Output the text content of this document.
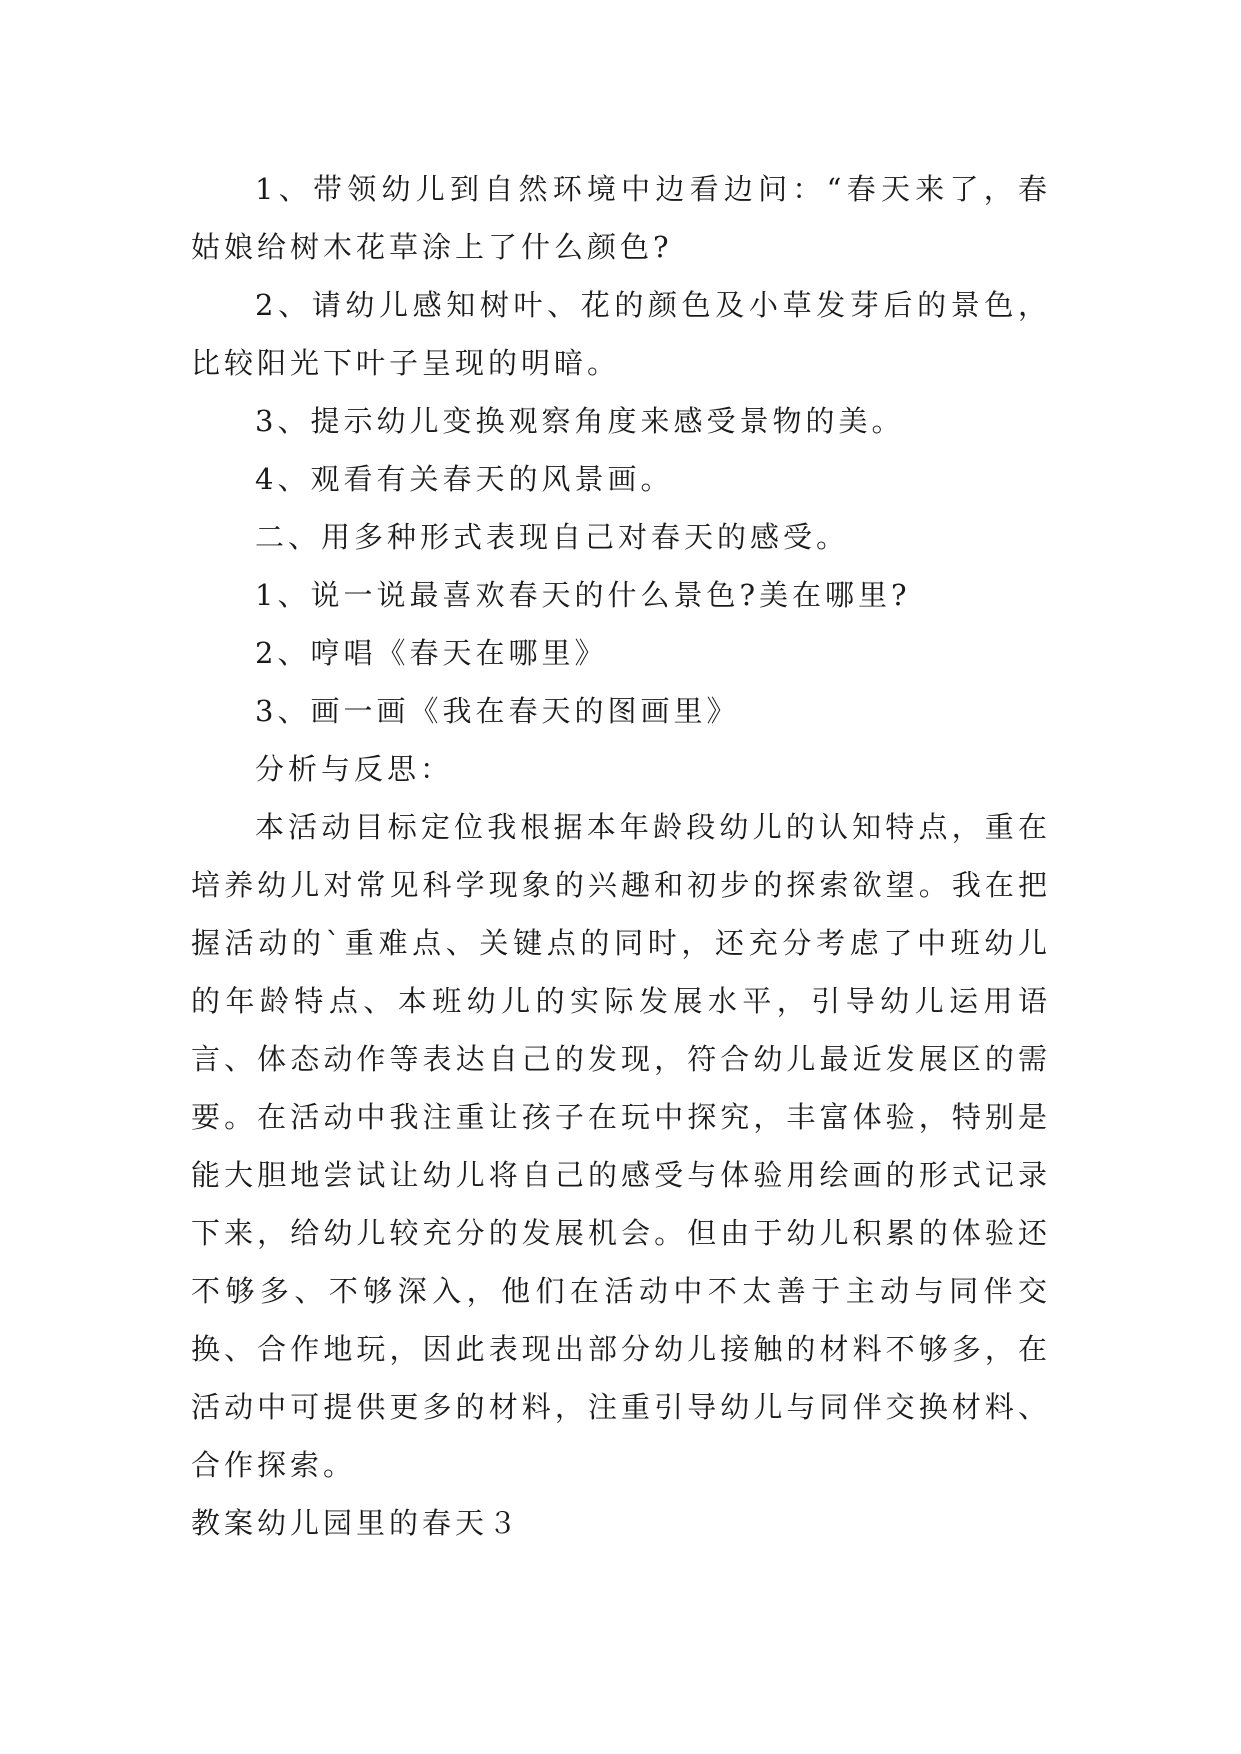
1、带领幼儿到自然环境中边看边问：“春天来了，春姑娘给树木花草涂上了什么颜色?

2、请幼儿感知树叶、花的颜色及小草发芽后的景色，比较阳光下叶子呈现的明暗。

3、提示幼儿变换观察角度来感受景物的美。

4、观看有关春天的风景画。

二、用多种形式表现自己对春天的感受。

1、说一说最喜欢春天的什么景色?美在哪里?

2、哼唱《春天在哪里》

3、画一画《我在春天的图画里》

分析与反思：

本活动目标定位我根据本年龄段幼儿的认知特点，重在培养幼儿对常见科学现象的兴趣和初步的探索欲望。我在把握活动的`重难点、关键点的同时，还充分考虑了中班幼儿的年龄特点、本班幼儿的实际发展水平，引导幼儿运用语言、体态动作等表达自己的发现，符合幼儿最近发展区的需要。在活动中我注重让孩子在玩中探究，丰富体验，特别是能大胆地尝试让幼儿将自己的感受与体验用绘画的形式记录下来，给幼儿较充分的发展机会。但由于幼儿积累的体验还不够多、不够深入，他们在活动中不太善于主动与同伴交换、合作地玩，因此表现出部分幼儿接触的材料不够多，在活动中可提供更多的材料，注重引导幼儿与同伴交换材料、合作探索。

教案幼儿园里的春天３
